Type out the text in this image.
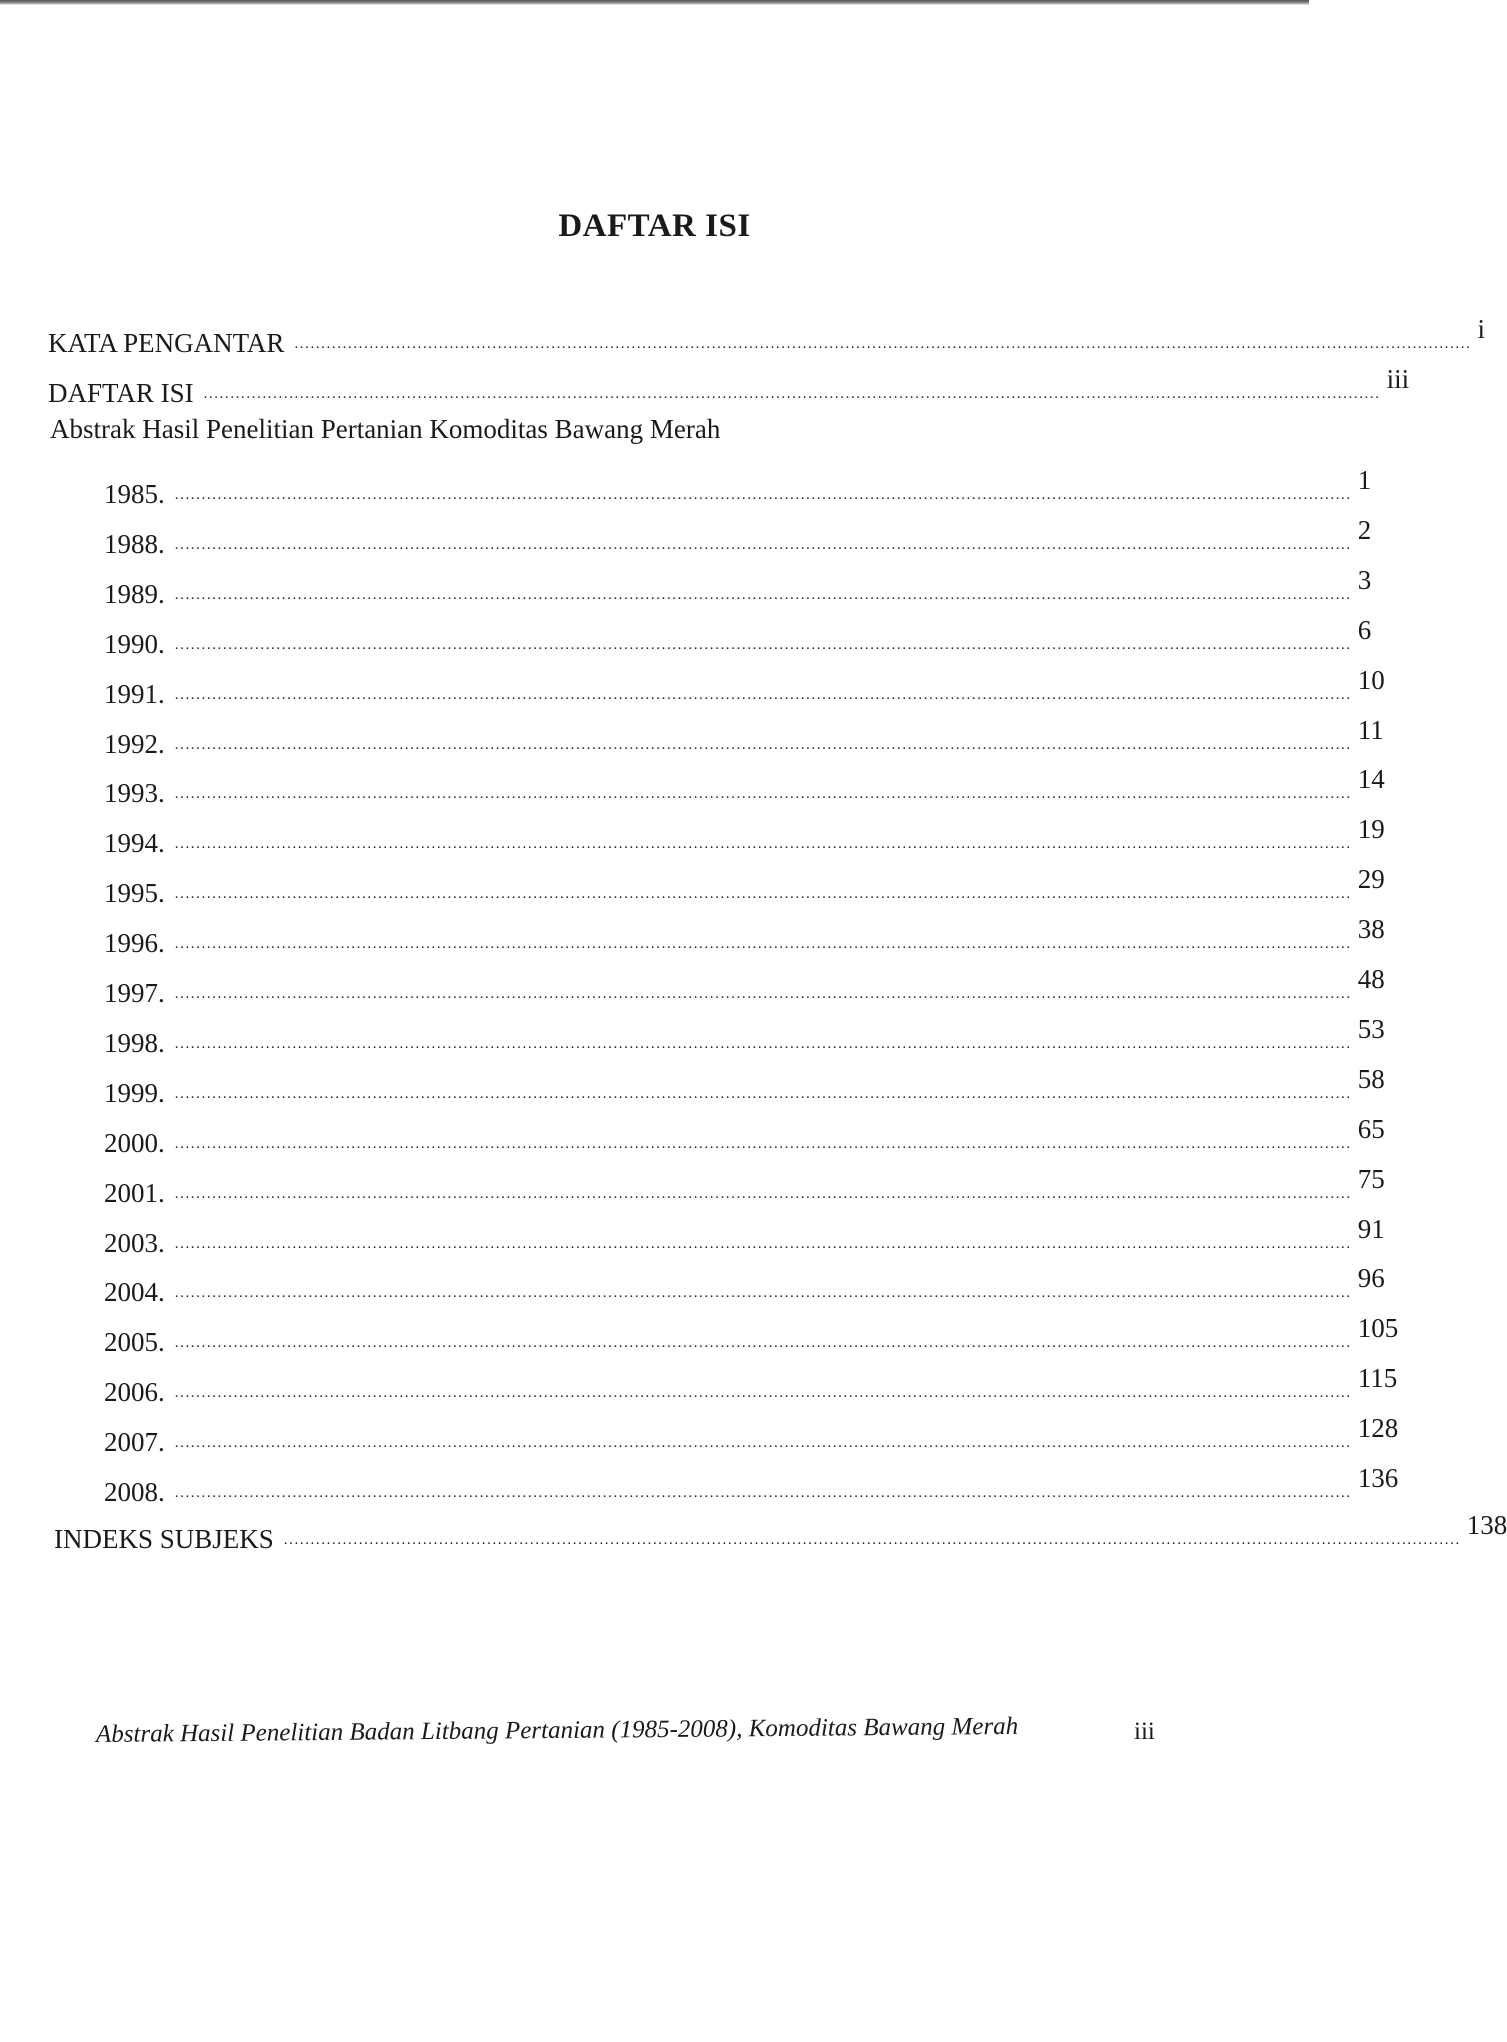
DAFTAR ISI
Abstrak Hasil Penelitian Pertanian Komoditas Bawang Merah
KATA PENGANTAR ............................................................................................................................................................................................................................ i
DAFTAR ISI ............................................................................................................................................................................................................................ iii
1985. ............................................................................................................................................................................................................................ 1
1988. ............................................................................................................................................................................................................................ 2
1989. ............................................................................................................................................................................................................................ 3
1990. ............................................................................................................................................................................................................................ 6
1991. ............................................................................................................................................................................................................................ 10
1992. ............................................................................................................................................................................................................................ 11
1993. ............................................................................................................................................................................................................................ 14
1994. ............................................................................................................................................................................................................................ 19
1995. ............................................................................................................................................................................................................................ 29
1996. ............................................................................................................................................................................................................................ 38
1997. ............................................................................................................................................................................................................................ 48
1998. ............................................................................................................................................................................................................................ 53
1999. ............................................................................................................................................................................................................................ 58
2000. ............................................................................................................................................................................................................................ 65
2001. ............................................................................................................................................................................................................................ 75
2003. ............................................................................................................................................................................................................................ 91
2004. ............................................................................................................................................................................................................................ 96
2005. ............................................................................................................................................................................................................................ 105
2006. ............................................................................................................................................................................................................................ 115
2007. ............................................................................................................................................................................................................................ 128
2008. ............................................................................................................................................................................................................................ 136
INDEKS SUBJEKS ............................................................................................................................................................................................................................ 138
Abstrak Hasil Penelitian Badan Litbang Pertanian (1985-2008), Komoditas Bawang Merah	iii
